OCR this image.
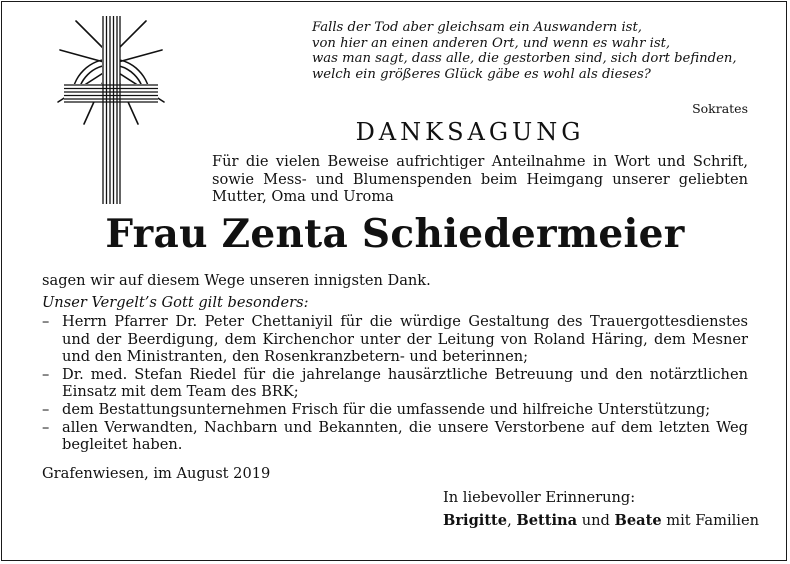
Falls der Tod aber gleichsam ein Auswandern ist,
von hier an einen anderen Ort, und wenn es wahr ist,
was man sagt, dass alle, die gestorben sind, sich dort befinden,
welch ein größeres Glück gäbe es wohl als dieses?

Sokrates

DANKSAGUNG

Für die vielen Beweise aufrichtiger Anteilnahme in Wort und Schrift, sowie Mess- und Blumenspenden beim Heimgang unserer geliebten Mutter, Oma und Uroma

Frau Zenta Schiedermeier

sagen wir auf diesem Wege unseren innigsten Dank.

Unser Vergelt’s Gott gilt besonders:

– Herrn Pfarrer Dr. Peter Chettaniyil für die würdige Gestaltung des Trauergottesdienstes und der Beerdigung, dem Kirchenchor unter der Leitung von Roland Häring, dem Mesner und den Ministranten, den Rosenkranzbetern- und beterinnen;
– Dr. med. Stefan Riedel für die jahrelange hausärztliche Betreuung und den notärztlichen Einsatz mit dem Team des BRK;
– dem Bestattungsunternehmen Frisch für die umfassende und hilfreiche Unterstützung;
– allen Verwandten, Nachbarn und Bekannten, die unsere Verstorbene auf dem letzten Weg begleitet haben.

Grafenwiesen, im August 2019

In liebevoller Erinnerung:

Brigitte, Bettina und Beate mit Familien
